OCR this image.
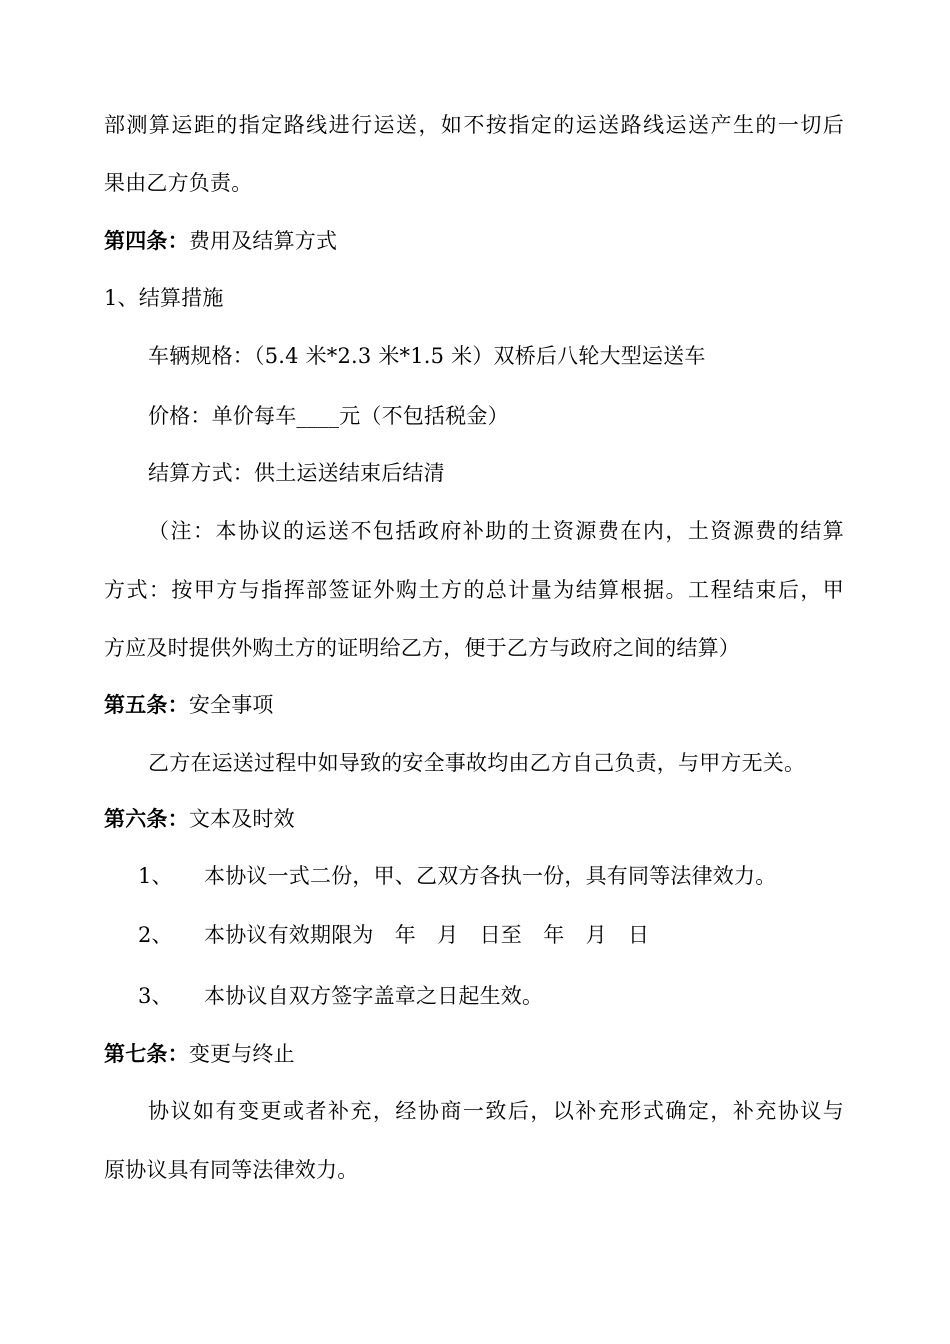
部测算运距的指定路线进行运送，如不按指定的运送路线运送产生的一切后
果由乙方负责。
第四条：费用及结算方式
1、结算措施
车辆规格：（5.4 米*2.3 米*1.5 米）双桥后八轮大型运送车
价格：单价每车____元（不包括税金）
结算方式：供土运送结束后结清
（注：本协议的运送不包括政府补助的土资源费在内，土资源费的结算
方式：按甲方与指挥部签证外购土方的总计量为结算根据。工程结束后，甲
方应及时提供外购土方的证明给乙方，便于乙方与政府之间的结算）
第五条：安全事项
乙方在运送过程中如导致的安全事故均由乙方自己负责，与甲方无关。
第六条：文本及时效
1、 本协议一式二份，甲、乙双方各执一份，具有同等法律效力。
2、 本协议有效期限为　年　月　日至　年　月　日
3、 本协议自双方签字盖章之日起生效。
第七条：变更与终止
协议如有变更或者补充，经协商一致后，以补充形式确定，补充协议与
原协议具有同等法律效力。
